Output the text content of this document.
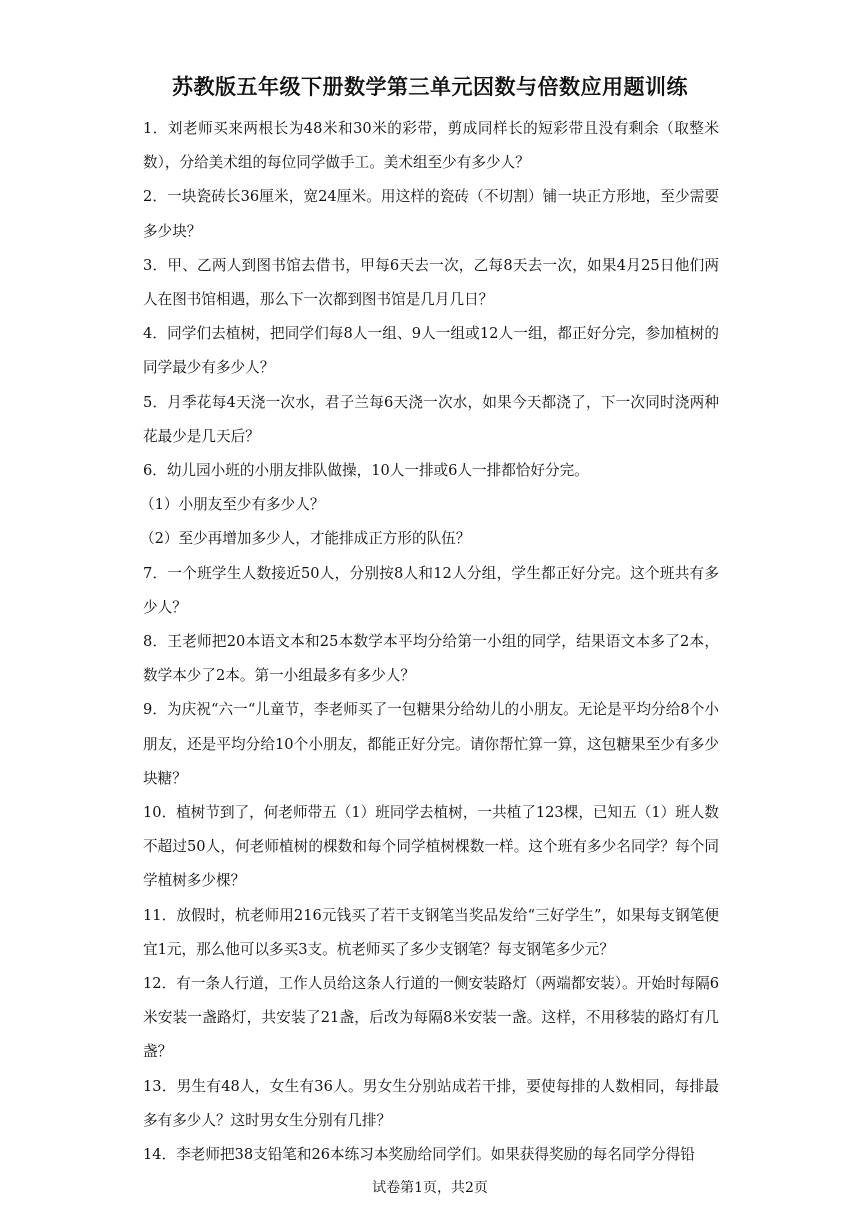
苏教版五年级下册数学第三单元因数与倍数应用题训练

1．刘老师买来两根长为48米和30米的彩带，剪成同样长的短彩带且没有剩余（取整米数），分给美术组的每位同学做手工。美术组至少有多少人？

2．一块瓷砖长36厘米，宽24厘米。用这样的瓷砖（不切割）铺一块正方形地，至少需要多少块？

3．甲、乙两人到图书馆去借书，甲每6天去一次，乙每8天去一次，如果4月25日他们两人在图书馆相遇，那么下一次都到图书馆是几月几日？

4．同学们去植树，把同学们每8人一组、9人一组或12人一组，都正好分完，参加植树的同学最少有多少人？

5．月季花每4天浇一次水，君子兰每6天浇一次水，如果今天都浇了，下一次同时浇两种花最少是几天后？

6．幼儿园小班的小朋友排队做操，10人一排或6人一排都恰好分完。

（1）小朋友至少有多少人？

（2）至少再增加多少人，才能排成正方形的队伍？

7．一个班学生人数接近50人，分别按8人和12人分组，学生都正好分完。这个班共有多少人？

8．王老师把20本语文本和25本数学本平均分给第一小组的同学，结果语文本多了2本，数学本少了2本。第一小组最多有多少人？

9．为庆祝“六一“儿童节，李老师买了一包糖果分给幼儿的小朋友。无论是平均分给8个小朋友，还是平均分给10个小朋友，都能正好分完。请你帮忙算一算，这包糖果至少有多少块糖？

10．植树节到了，何老师带五（1）班同学去植树，一共植了123棵，已知五（1）班人数不超过50人，何老师植树的棵数和每个同学植树棵数一样。这个班有多少名同学？每个同学植树多少棵？

11．放假时，杭老师用216元钱买了若干支钢笔当奖品发给“三好学生”，如果每支钢笔便宜1元，那么他可以多买3支。杭老师买了多少支钢笔？每支钢笔多少元？

12．有一条人行道，工作人员给这条人行道的一侧安装路灯（两端都安装）。开始时每隔6米安装一盏路灯，共安装了21盏，后改为每隔8米安装一盏。这样，不用移装的路灯有几盏？

13．男生有48人，女生有36人。男女生分别站成若干排，要使每排的人数相同，每排最多有多少人？这时男女生分别有几排？

14．李老师把38支铅笔和26本练习本奖励给同学们。如果获得奖励的每名同学分得铅

试卷第1页，共2页
